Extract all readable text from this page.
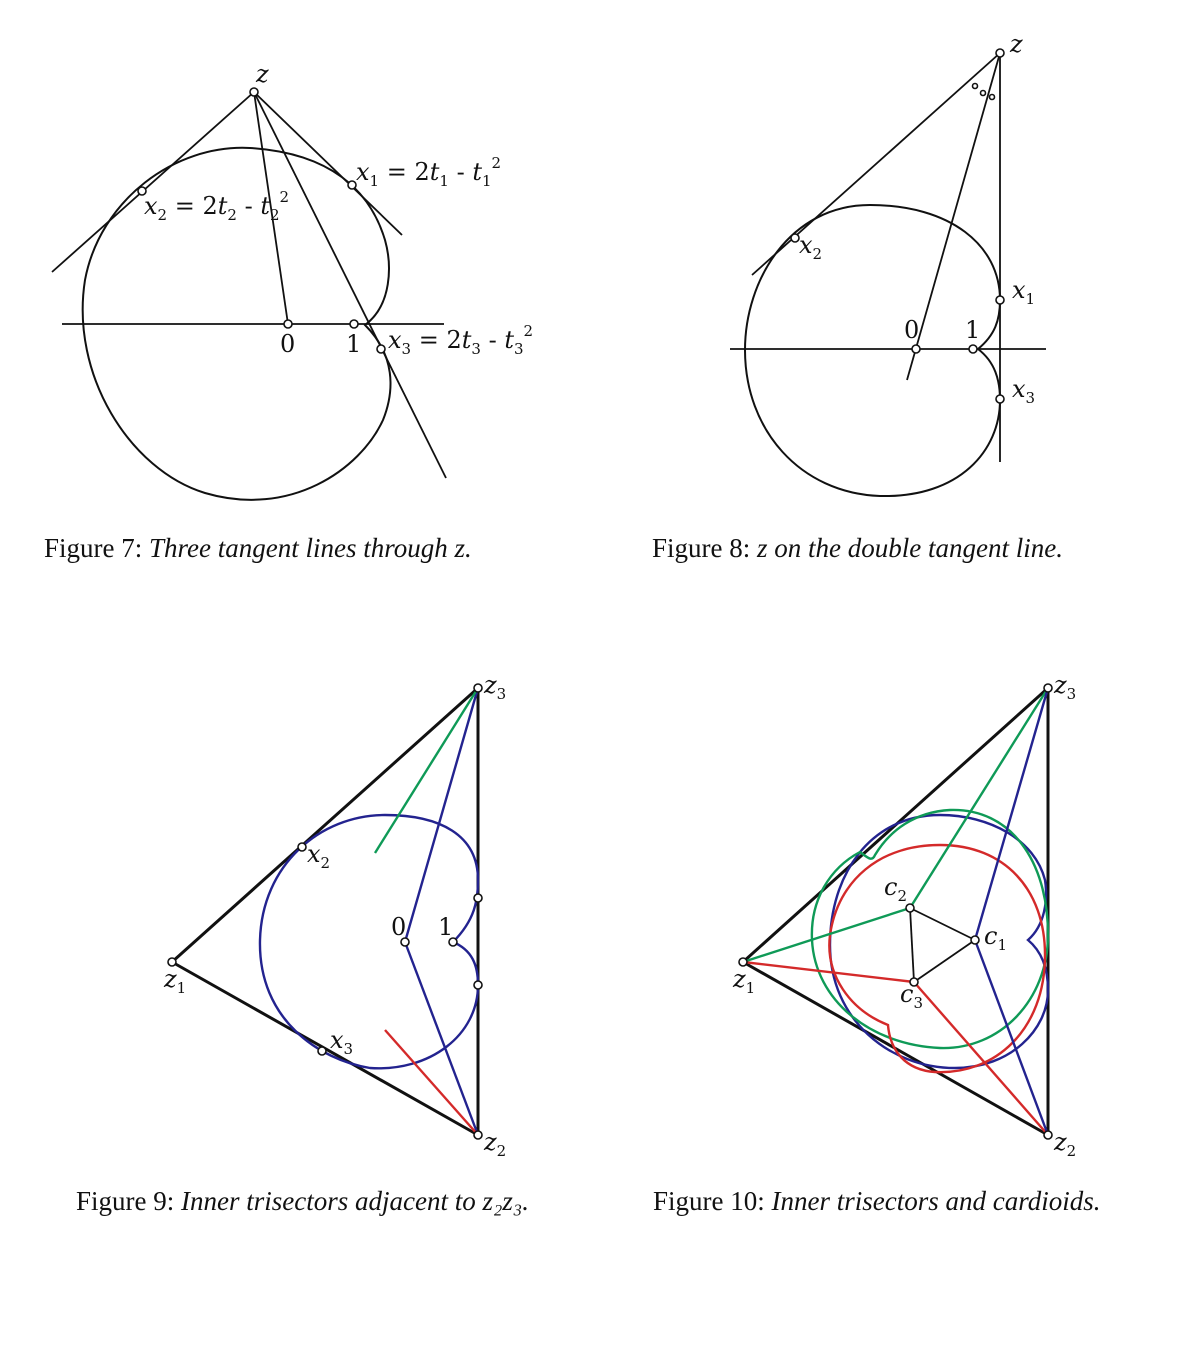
z
0 1
$x_1 = 2t_1 - t_1^2$
$x_2 = 2t_2 - t_2^2$
$x_3 = 2t_3 - t_3^2$
z
$x_1$
$x_2$
$x_3$
0 1
$z_1$
$z_2$
$z_3$
$x_2$
$x_3$
0 1
$z_1$
$z_2$
$z_3$
$c_1$
$c_2$
$c_3$
Figure 7: Three tangent lines through z.	Figure 8: z on the double tangent line.
Figure 9: Inner trisectors adjacent to z₂z₃.	Figure 10: Inner trisectors and cardioids.
